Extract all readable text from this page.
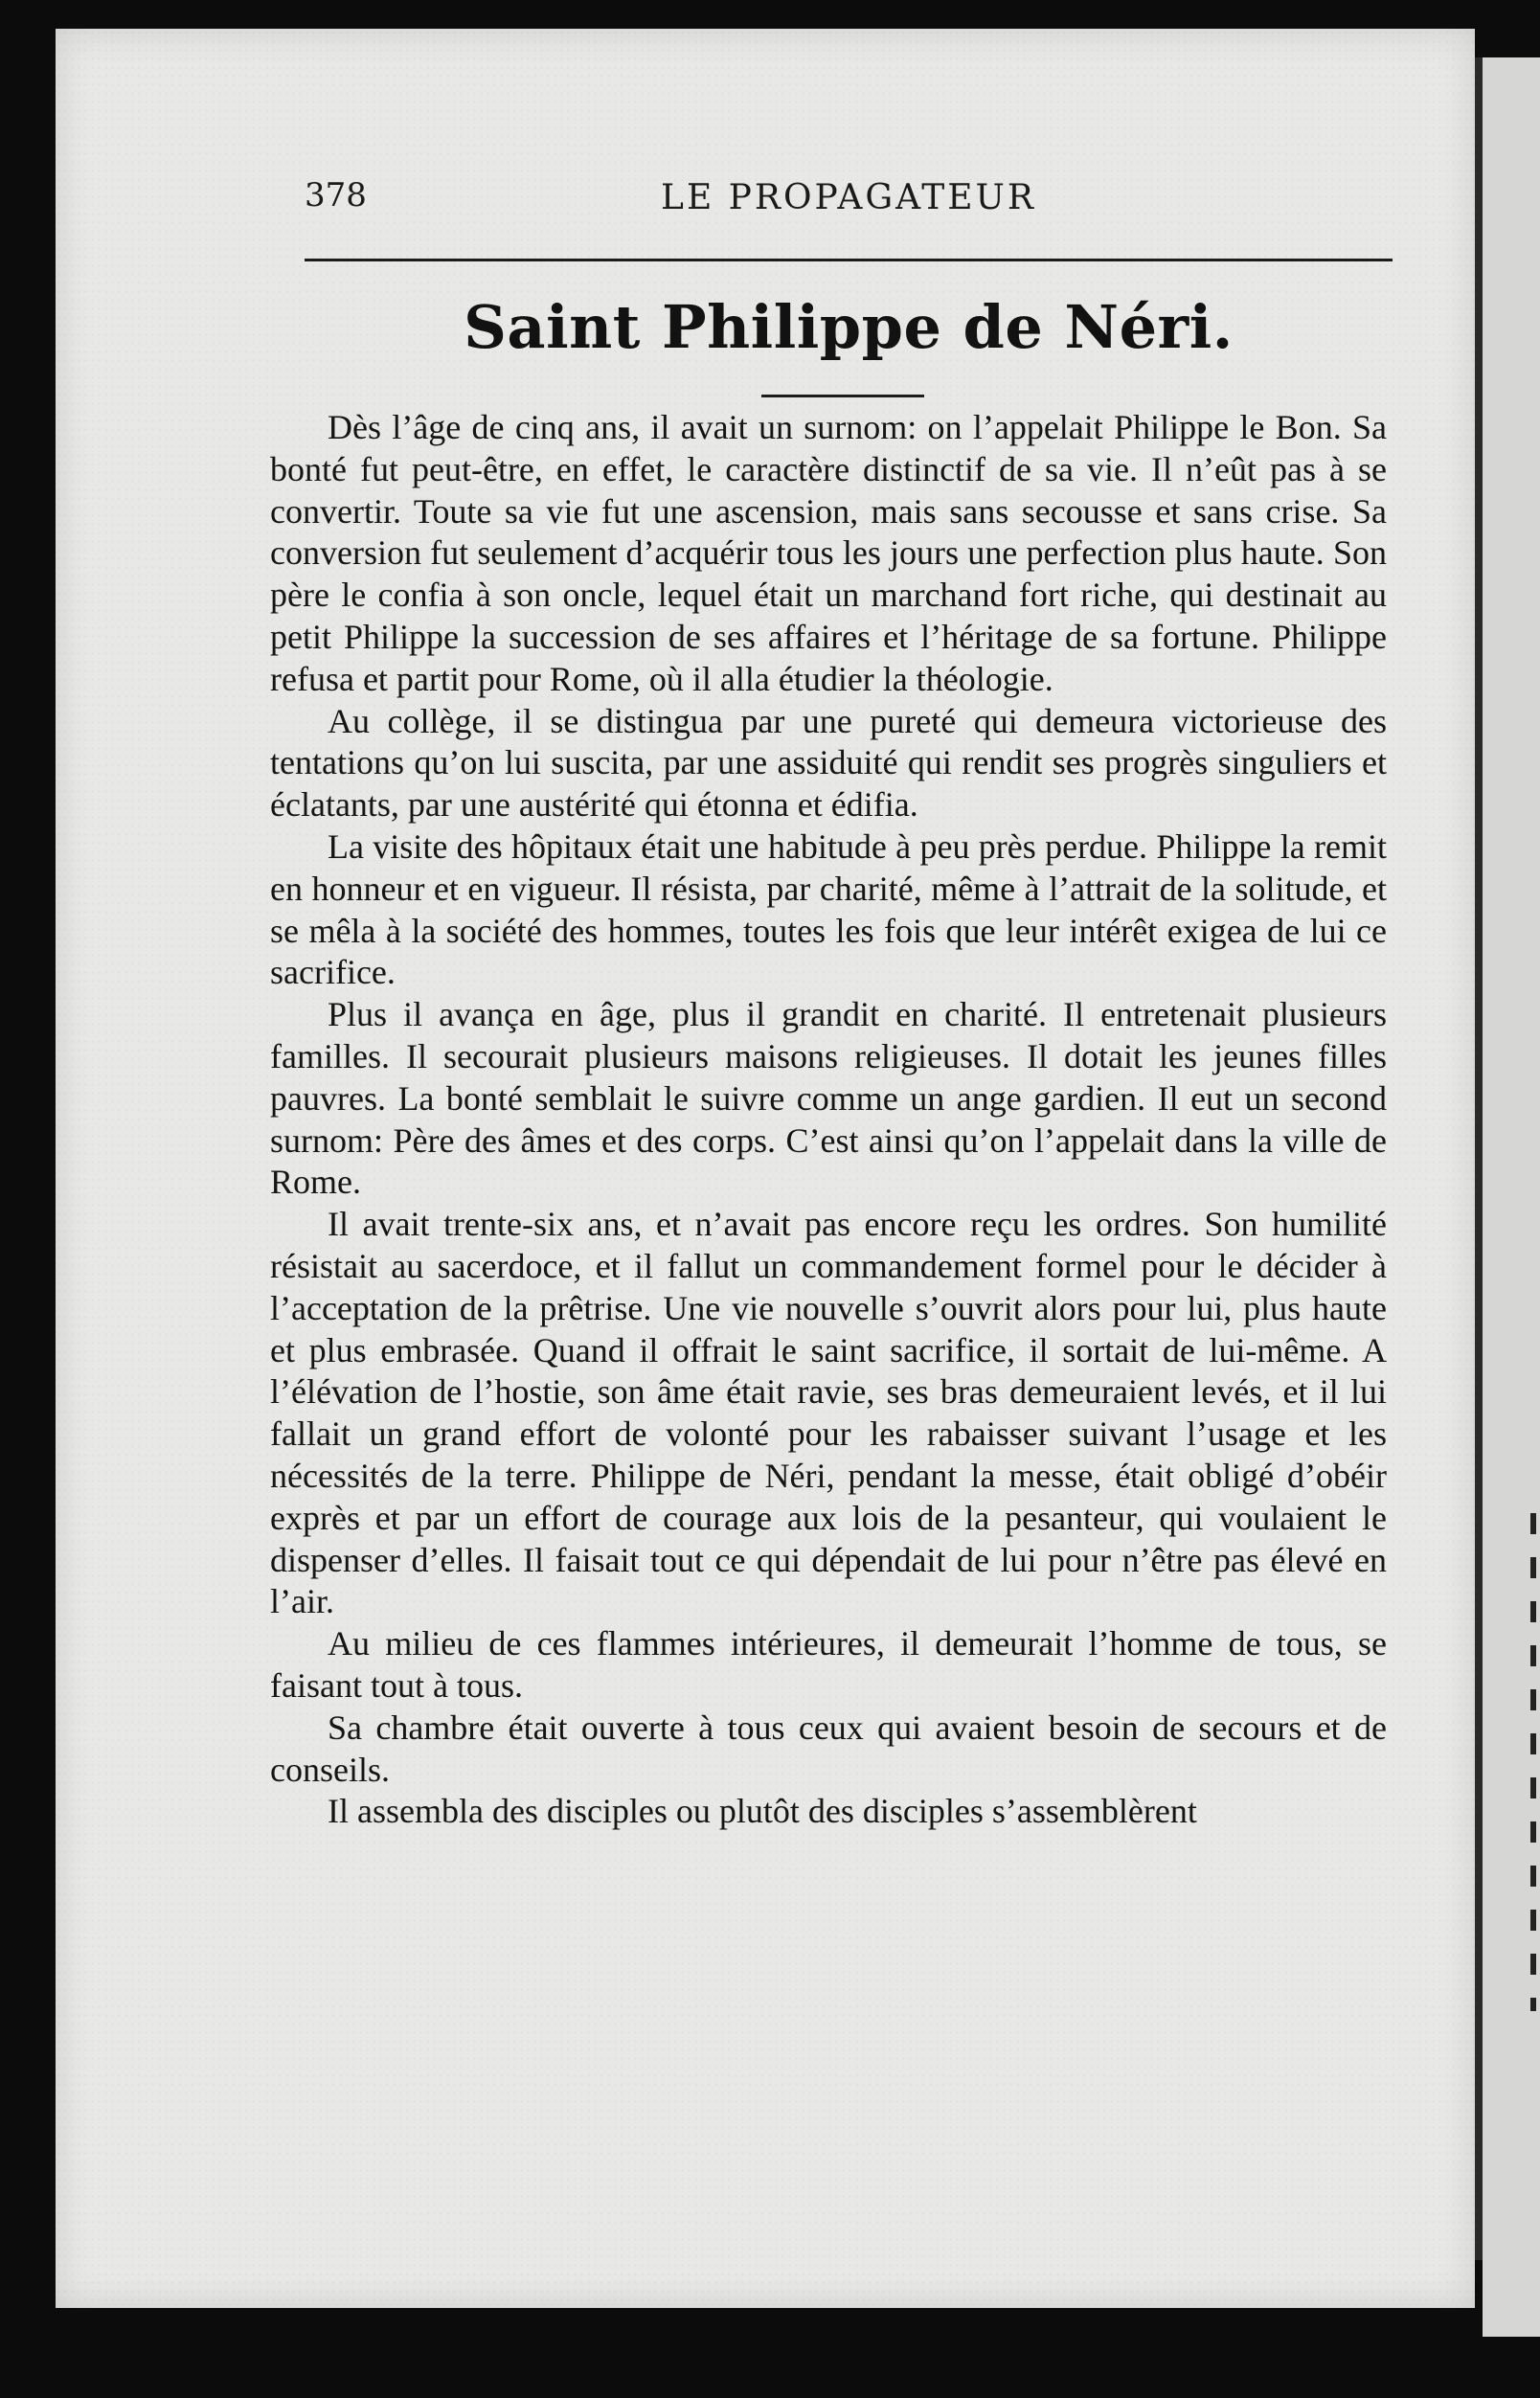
378	LE PROPAGATEUR
Saint Philippe de Néri.

Dès l’âge de cinq ans, il avait un surnom: on l’appelait Philippe le Bon. Sa bonté fut peut-être, en effet, le caractère distinctif de sa vie. Il n’eût pas à se convertir. Toute sa vie fut une ascension, mais sans secousse et sans crise. Sa conversion fut seulement d’acquérir tous les jours une perfection plus haute. Son père le confia à son oncle, lequel était un marchand fort riche, qui destinait au petit Philippe la succession de ses affaires et l’héritage de sa fortune. Philippe refusa et partit pour Rome, où il alla étudier la théologie.

Au collège, il se distingua par une pureté qui demeura victorieuse des tentations qu’on lui suscita, par une assiduité qui rendit ses progrès singuliers et éclatants, par une austérité qui étonna et édifia.

La visite des hôpitaux était une habitude à peu près perdue. Philippe la remit en honneur et en vigueur. Il résista, par charité, même à l’attrait de la solitude, et se mêla à la société des hommes, toutes les fois que leur intérêt exigea de lui ce sacrifice.

Plus il avança en âge, plus il grandit en charité. Il entretenait plusieurs familles. Il secourait plusieurs maisons religieuses. Il dotait les jeunes filles pauvres. La bonté semblait le suivre comme un ange gardien. Il eut un second surnom: Père des âmes et des corps. C’est ainsi qu’on l’appelait dans la ville de Rome.

Il avait trente-six ans, et n’avait pas encore reçu les ordres. Son humilité résistait au sacerdoce, et il fallut un commandement formel pour le décider à l’acceptation de la prêtrise. Une vie nouvelle s’ouvrit alors pour lui, plus haute et plus embrasée. Quand il offrait le saint sacrifice, il sortait de lui-même. A l’élévation de l’hostie, son âme était ravie, ses bras demeuraient levés, et il lui fallait un grand effort de volonté pour les rabaisser suivant l’usage et les nécessités de la terre. Philippe de Néri, pendant la messe, était obligé d’obéir exprès et par un effort de courage aux lois de la pesanteur, qui voulaient le dispenser d’elles. Il faisait tout ce qui dépendait de lui pour n’être pas élevé en l’air.

Au milieu de ces flammes intérieures, il demeurait l’homme de tous, se faisant tout à tous.

Sa chambre était ouverte à tous ceux qui avaient besoin de secours et de conseils.

Il assembla des disciples ou plutôt des disciples s’assemblèrent
